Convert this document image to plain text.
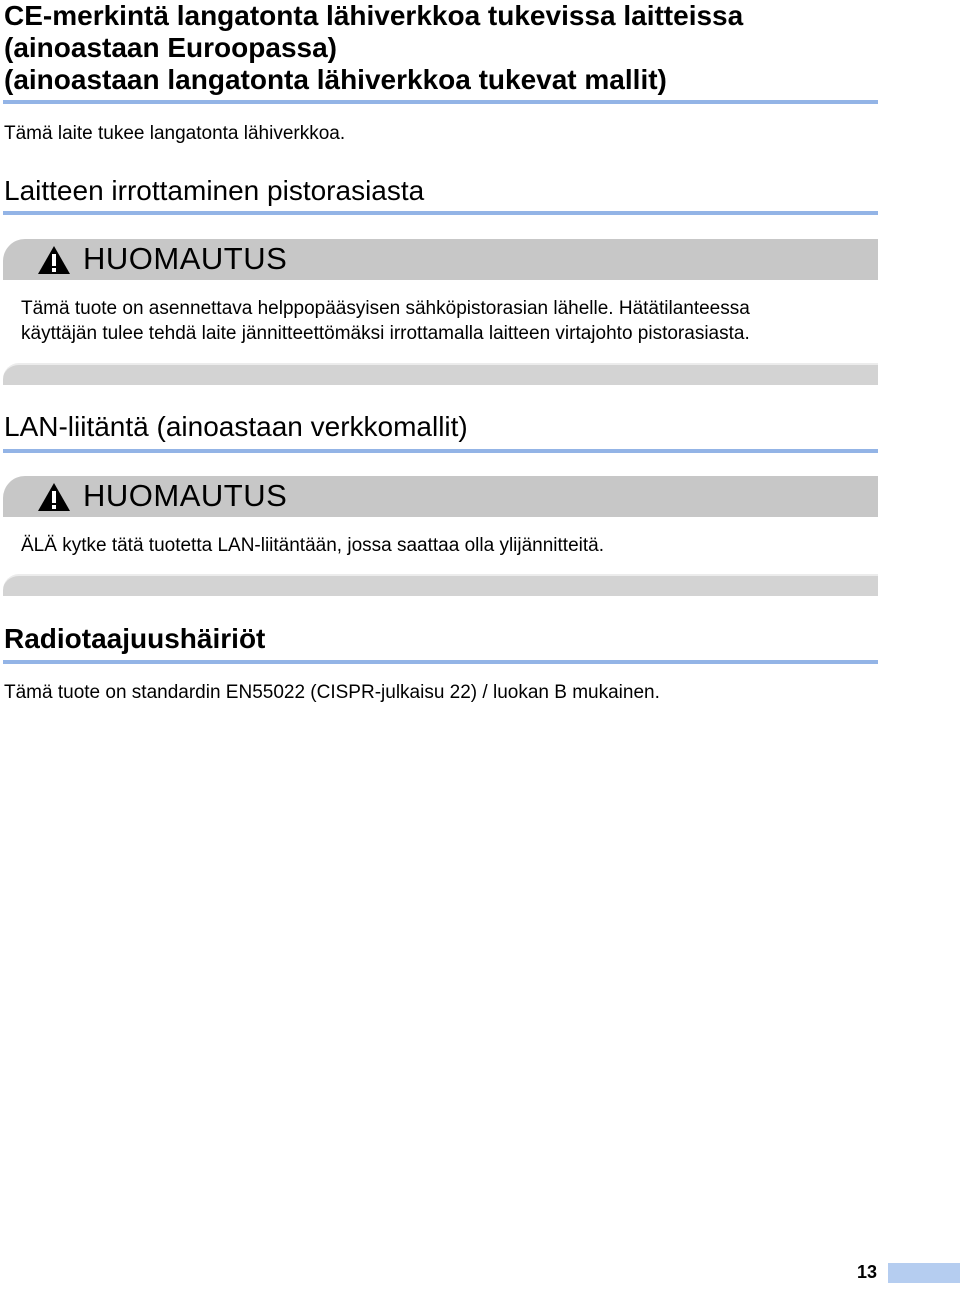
CE-merkintä langatonta lähiverkkoa tukevissa laitteissa
(ainoastaan Euroopassa)
(ainoastaan langatonta lähiverkkoa tukevat mallit)

Tämä laite tukee langatonta lähiverkkoa.

Laitteen irrottaminen pistorasiasta
HUOMAUTUS

Tämä tuote on asennettava helppopääsyisen sähköpistorasian lähelle. Hätätilanteessa

käyttäjän tulee tehdä laite jännitteettömäksi irrottamalla laitteen virtajohto pistorasiasta.

LAN-liitäntä (ainoastaan verkkomallit)
HUOMAUTUS

ÄLÄ kytke tätä tuotetta LAN-liitäntään, jossa saattaa olla ylijännitteitä.

Radiotaajuushäiriöt

Tämä tuote on standardin EN55022 (CISPR-julkaisu 22) / luokan B mukainen.

13
